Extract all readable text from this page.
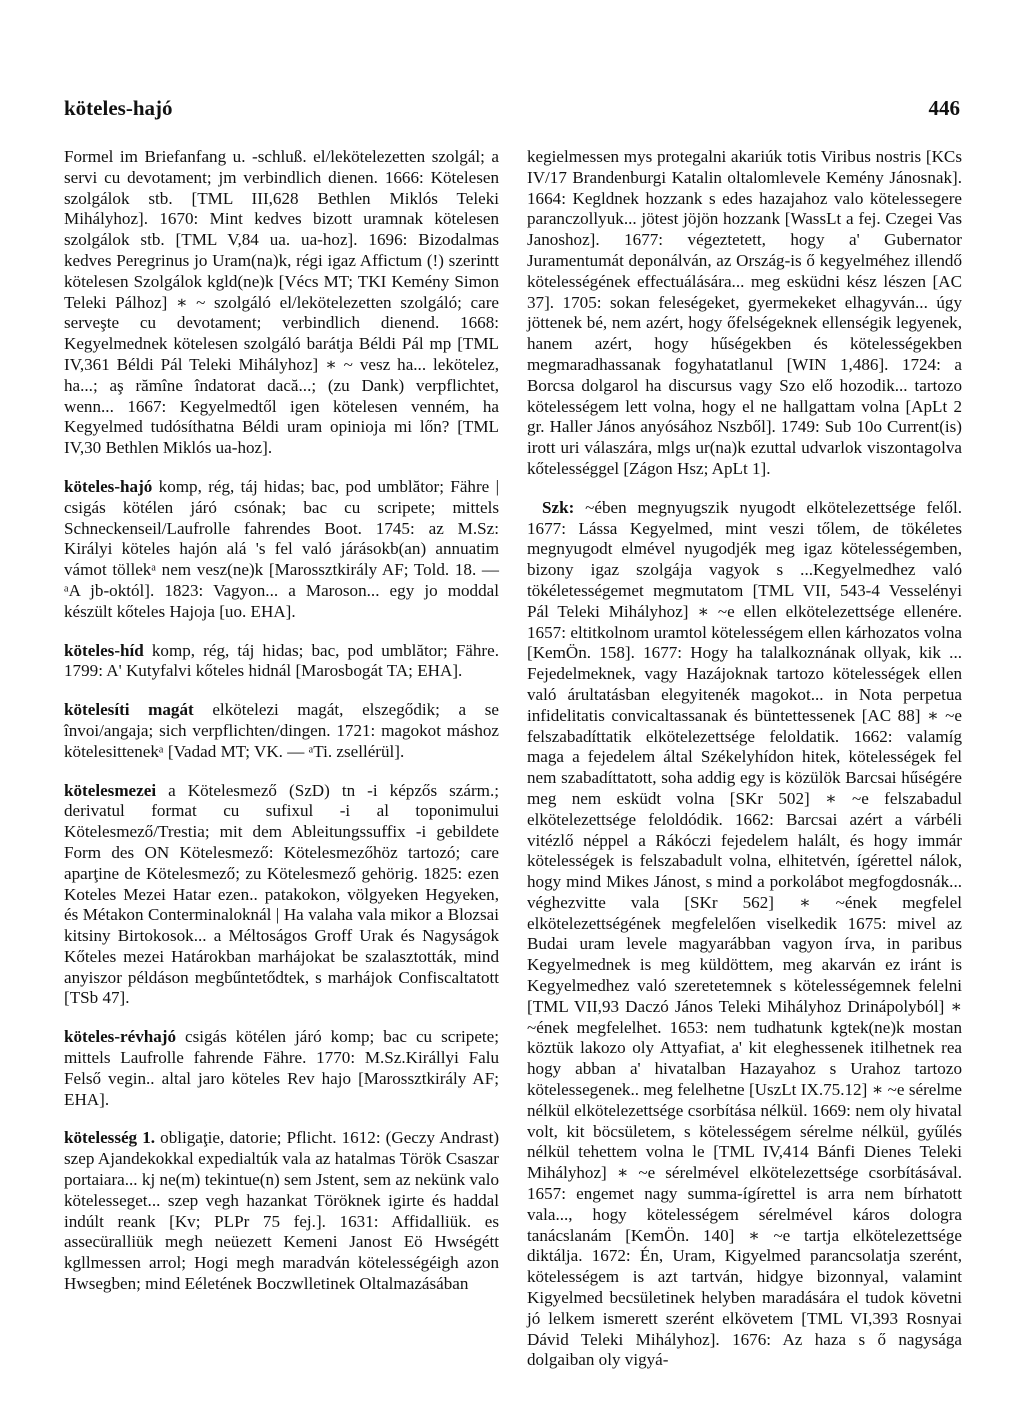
köteles-hajó	446

Formel im Briefanfang u. -schluß. el/lekötelezetten szolgál; a servi cu devotament; jm verbindlich dienen. 1666: Kötelesen szolgálok stb. [TML III,628 Bethlen Miklós Teleki Mihályhoz]. 1670: Mint kedves bizott uramnak kötelesen szolgálok stb. [TML V,84 ua. ua-hoz]. 1696: Bizodalmas kedves Peregrinus jo Uram(na)k, régi igaz Affictum (!) szerintt kötelesen Szolgálok kgld(ne)k [Vécs MT; TKI Kemény Simon Teleki Pálhoz] ∗ ~ szolgáló el/lekötelezetten szolgáló; care serveşte cu devotament; verbindlich dienend. 1668: Kegyelmednek kötelesen szolgáló barátja Béldi Pál mp [TML IV,361 Béldi Pál Teleki Mihályhoz] ∗ ~ vesz ha... lekötelez, ha...; aş rămîne îndatorat dacă...; (zu Dank) verpflichtet, wenn... 1667: Kegyelmedtől igen kötelesen venném, ha Kegyelmed tudósíthatna Béldi uram opinioja mi lőn? [TML IV,30 Bethlen Miklós ua-hoz].

köteles-hajó komp, rég, táj hidas; bac, pod umblător; Fähre | csigás kötélen járó csónak; bac cu scripete; mittels Schneckenseil/Laufrolle fahrendes Boot. 1745: az M.Sz: Királyi köteles hajón alá 's fel való járásokb(an) annuatim vámot töllekᵃ nem vesz(ne)k [Marossztkirály AF; Told. 18. — ᵃA jb-októl]. 1823: Vagyon... a Maroson... egy jo moddal készült kőteles Hajoja [uo. EHA].

köteles-híd komp, rég, táj hidas; bac, pod umblător; Fähre. 1799: A' Kutyfalvi kőteles hidnál [Marosbogát TA; EHA].

kötelesíti magát elkötelezi magát, elszegődik; a se învoi/angaja; sich verpflichten/dingen. 1721: magokot máshoz kötelesittenekᵃ [Vadad MT; VK. — ᵃTi. zsellérül].

kötelesmezei a Kötelesmező (SzD) tn -i képzős szárm.; derivatul format cu sufixul -i al toponimului Kötelesmező/Trestia; mit dem Ableitungssuffix -i gebildete Form des ON Kötelesmező: Kötelesmezőhöz tartozó; care aparţine de Kötelesmező; zu Kötelesmező gehörig. 1825: ezen Koteles Mezei Hatar ezen.. patakokon, völgyeken Hegyeken, és Métakon Conterminaloknál | Ha valaha vala mikor a Blozsai kitsiny Birtokosok... a Méltoságos Groff Urak és Nagyságok Kőteles mezei Határokban marhájokat be szalasztották, mind anyiszor példáson megbűntetődtek, s marhájok Confiscaltatott [TSb 47].

köteles-révhajó csigás kötélen járó komp; bac cu scripete; mittels Laufrolle fahrende Fähre. 1770: M.Sz.Királlyi Falu Felső vegin.. altal jaro köteles Rev hajo [Marossztkirály AF; EHA].

kötelesség 1. obligaţie, datorie; Pflicht. 1612: (Geczy Andrast) szep Ajandekokkal expedialtúk vala az hatalmas Török Csaszar portaiara... kj ne(m) tekintue(n) sem Jstent, sem az nekünk valo kötelesseget... szep vegh hazankat Töröknek igirte és haddal indúlt reank [Kv; PLPr 75 fej.]. 1631: Affidalliük. es assecüralliük megh neüezett Kemeni Janost Eö Hwségétt kgllmessen arrol; Hogi megh maradván kötelességéigh azon Hwsegben; mind Eéletének Boczwlletinek Oltalmazásában

kegielmessen mys protegalni akariúk totis Viribus nostris [KCs IV/17 Brandenburgi Katalin oltalomlevele Kemény Jánosnak]. 1664: Kegldnek hozzank s edes hazajahoz valo kötelessegere paranczollyuk... jötest jöjön hozzank [WassLt a fej. Czegei Vas Janoshoz]. 1677: végeztetett, hogy a' Gubernator Juramentumát deponálván, az Ország-is ő kegyelméhez illendő kötelességének effectuálására... meg esküdni kész lészen [AC 37]. 1705: sokan feleségeket, gyermekeket elhagyván... úgy jöttenek bé, nem azért, hogy őfelségeknek ellenségik legyenek, hanem azért, hogy hűségekben és kötelességekben megmaradhassanak fogyhatatlanul [WIN 1,486]. 1724: a Borcsa dolgarol ha discursus vagy Szo elő hozodik... tartozo kötelességem lett volna, hogy el ne hallgattam volna [ApLt 2 gr. Haller János anyósához Nszből]. 1749: Sub 10o Current(is) irott uri válaszára, mlgs ur(na)k ezuttal udvarlok viszontagolva kőtelességgel [Zágon Hsz; ApLt 1].

Szk: ~ében megnyugszik nyugodt elkötelezettsége felől. 1677: Lássa Kegyelmed, mint veszi tőlem, de tökéletes megnyugodt elmével nyugodjék meg igaz kötelességemben, bizony igaz szolgája vagyok s ...Kegyelmedhez való tökéletességemet megmutatom [TML VII, 543-4 Vesselényi Pál Teleki Mihályhoz] ∗ ~e ellen elkötelezettsége ellenére. 1657: eltitkolnom uramtol kötelességem ellen kárhozatos volna [KemÖn. 158]. 1677: Hogy ha talalkoznának ollyak, kik ... Fejedelmeknek, vagy Hazájoknak tartozo kötelességek ellen való árultatásban elegyitenék magokot... in Nota perpetua infidelitatis convicaltassanak és büntettessenek [AC 88] ∗ ~e felszabadíttatik elkötelezettsége feloldatik. 1662: valamíg maga a fejedelem által Székelyhídon hitek, kötelességek fel nem szabadíttatott, soha addig egy is közülök Barcsai hűségére meg nem esküdt volna [SKr 502] ∗ ~e felszabadul elkötelezettsége feloldódik. 1662: Barcsai azért a várbéli vitézlő néppel a Rákóczi fejedelem halált, és hogy immár kötelességek is felszabadult volna, elhitetvén, ígérettel nálok, hogy mind Mikes Jánost, s mind a porkolábot megfogdosnák... véghezvitte vala [SKr 562] ∗ ~ének megfelel elkötelezettségének megfelelően viselkedik 1675: mivel az Budai uram levele magyarábban vagyon írva, in paribus Kegyelmednek is meg küldöttem, meg akarván ez iránt is Kegyelmedhez való szeretetemnek s kötelességemnek felelni [TML VII,93 Daczó János Teleki Mihályhoz Drinápolyból] ∗ ~ének megfelelhet. 1653: nem tudhatunk kgtek(ne)k mostan köztük lakozo oly Attyafiat, a' kit eleghessenek itilhetnek rea hogy abban a' hivatalban Hazayahoz s Urahoz tartozo kötelessegenek.. meg felelhetne [UszLt IX.75.12] ∗ ~e sérelme nélkül elkötelezettsége csorbítása nélkül. 1669: nem oly hivatal volt, kit böcsületem, s kötelességem sérelme nélkül, gyűlés nélkül tehettem volna le [TML IV,414 Bánfi Dienes Teleki Mihályhoz] ∗ ~e sérelmével elkötelezettsége csorbításával. 1657: engemet nagy summa-ígírettel is arra nem bírhatott vala..., hogy kötelességem sérelmével káros dologra tanácslanám [KemÖn. 140] ∗ ~e tartja elkötelezettsége diktálja. 1672: Én, Uram, Kigyelmed parancsolatja szerént, kötelességem is azt tartván, hidgye bizonnyal, valamint Kigyelmed becsületinek helyben maradására el tudok követni jó lelkem ismerett szerént elkövetem [TML VI,393 Rosnyai Dávid Teleki Mihályhoz]. 1676: Az haza s ő nagysága dolgaiban oly vigyá-
